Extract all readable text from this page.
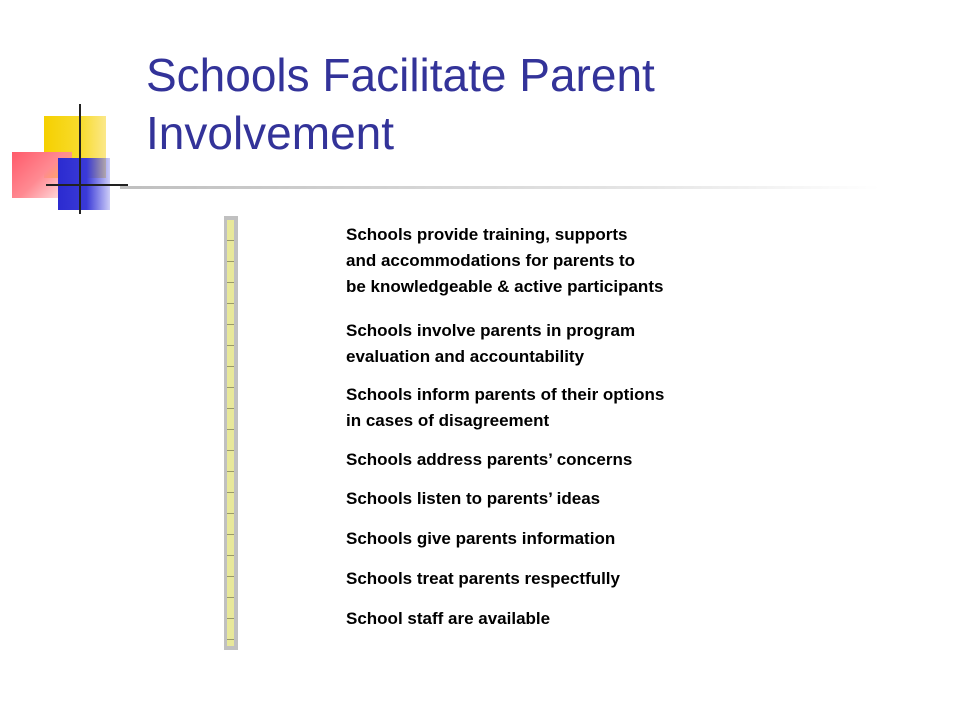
Schools Facilitate Parent
Involvement
Schools provide training, supports
and accommodations for parents to
be knowledgeable & active participants
Schools involve parents in program
evaluation and accountability
Schools inform parents of their options
in cases of disagreement
Schools address parents’ concerns
Schools listen to parents’ ideas
Schools give parents information
Schools treat parents respectfully
School staff are available
